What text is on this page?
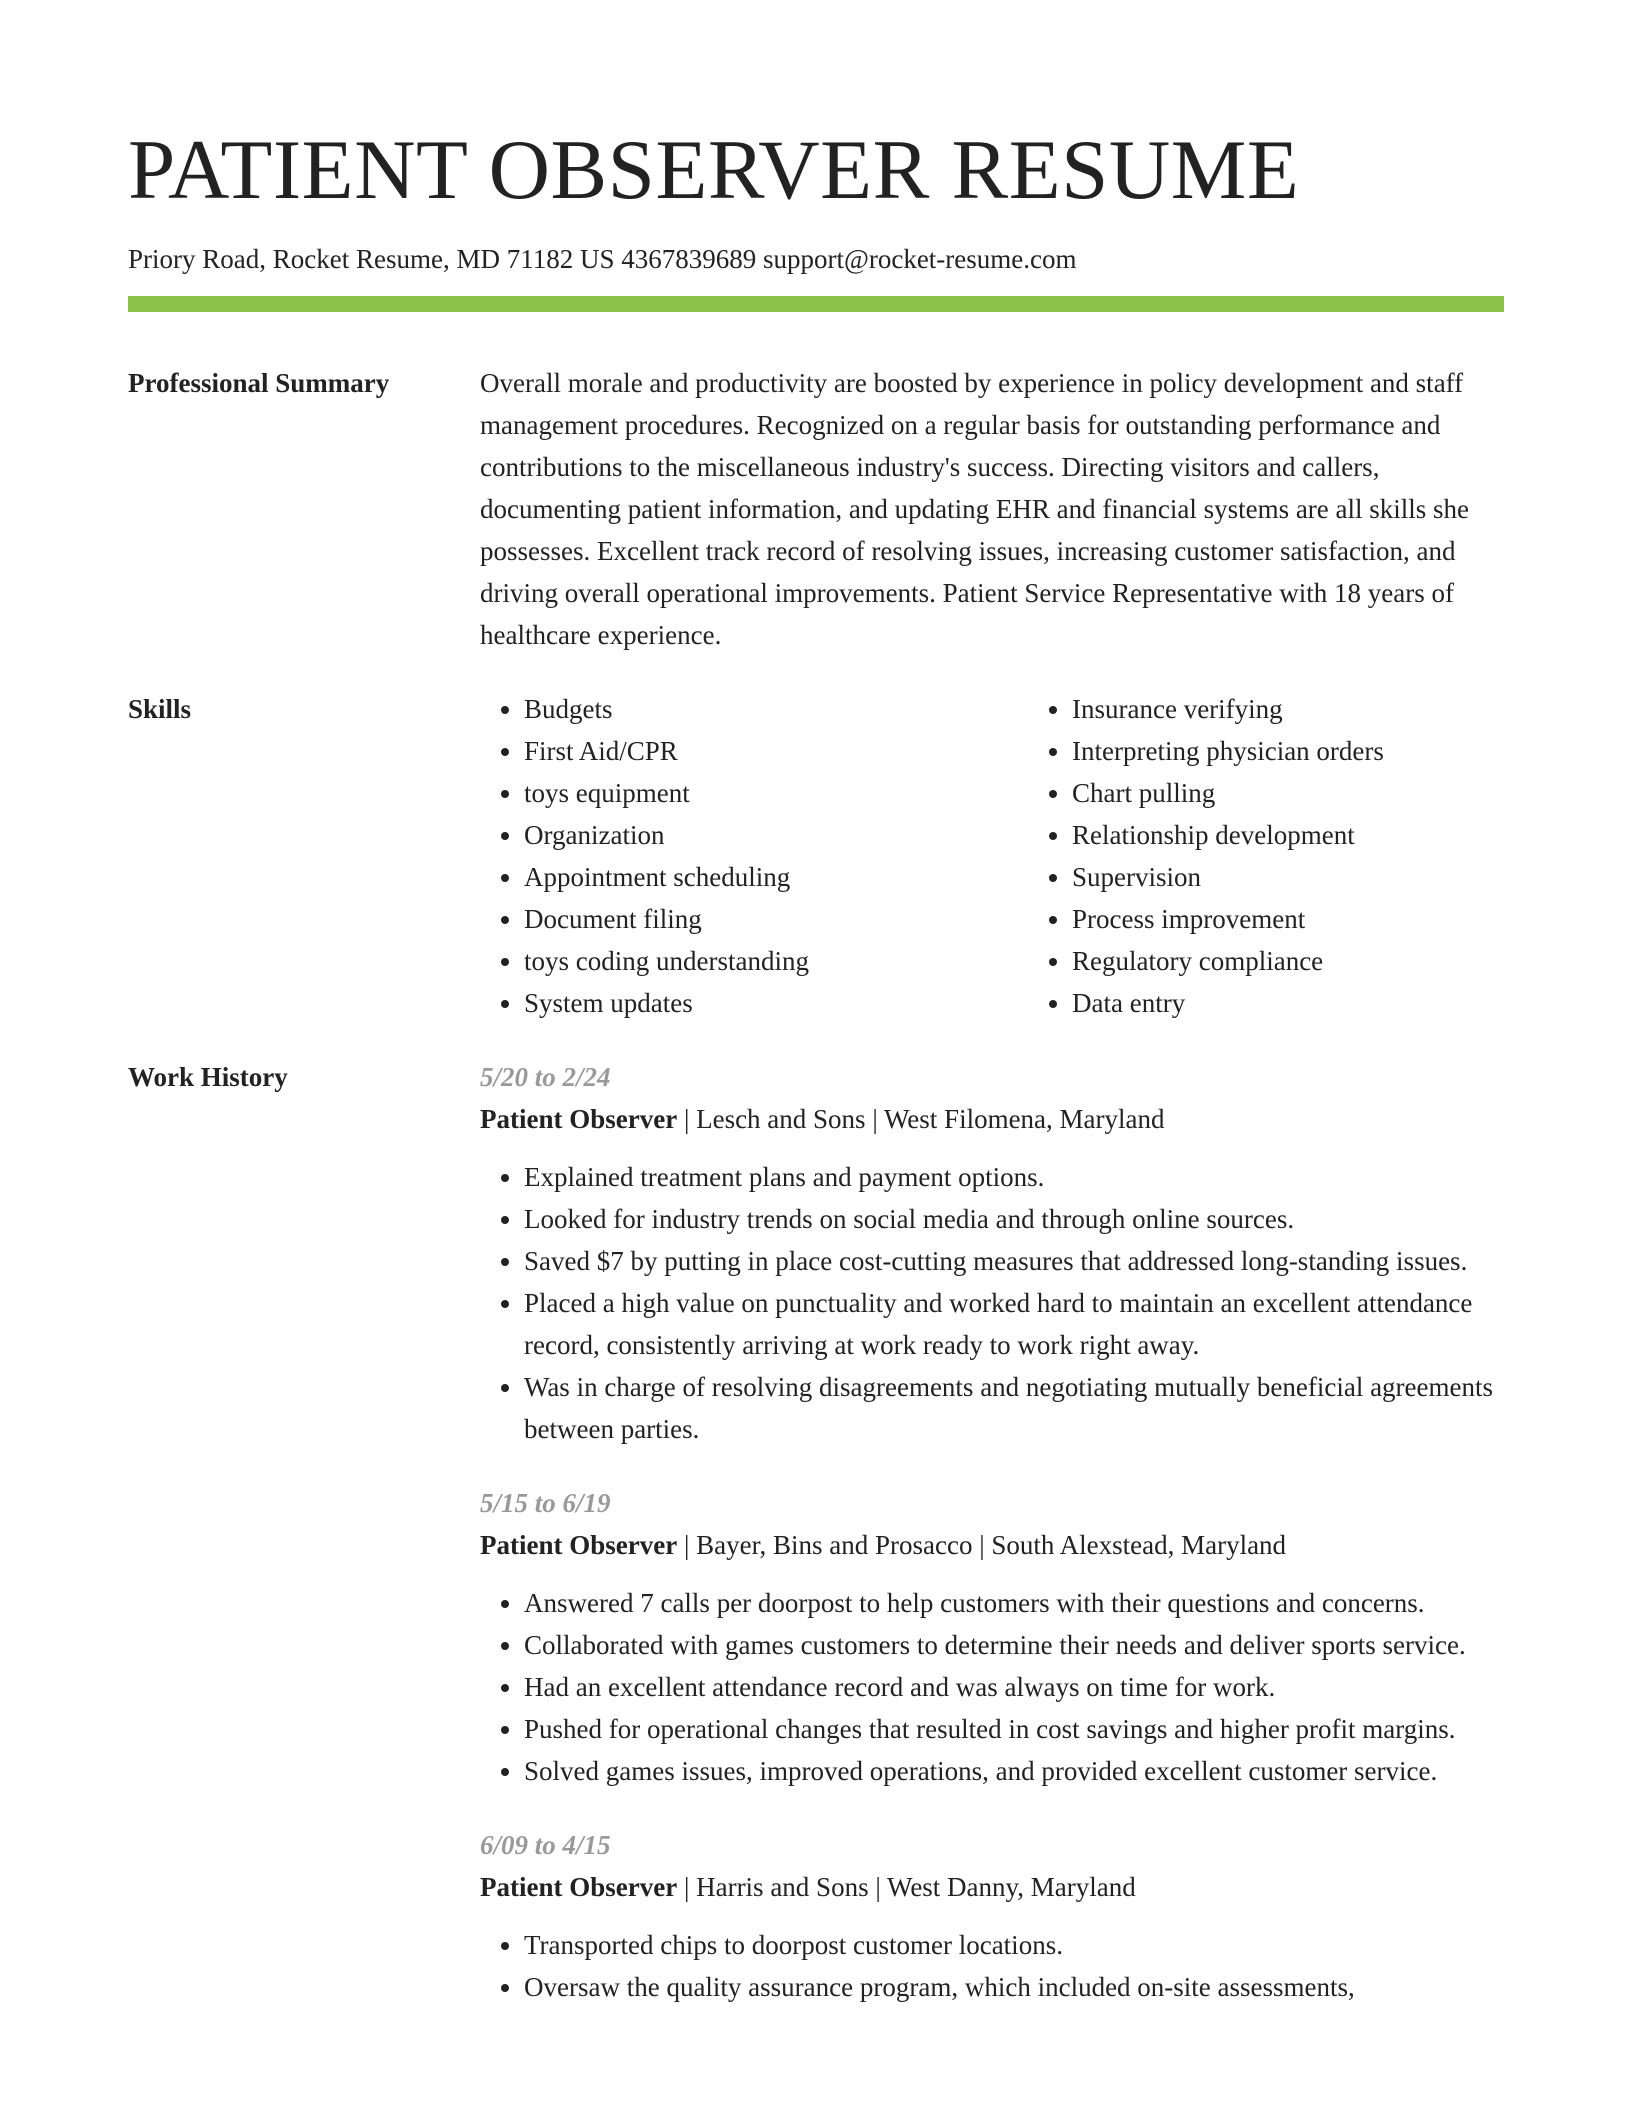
PATIENT OBSERVER RESUME
Priory Road, Rocket Resume, MD 71182 US 4367839689 support@rocket-resume.com
Professional Summary	Overall morale and productivity are boosted by experience in policy development and staff management procedures. Recognized on a regular basis for outstanding performance and contributions to the miscellaneous industry's success. Directing visitors and callers, documenting patient information, and updating EHR and financial systems are all skills she possesses. Excellent track record of resolving issues, increasing customer satisfaction, and driving overall operational improvements. Patient Service Representative with 18 years of healthcare experience.

Skills
•	Budgets
• First Aid/CPR
• toys equipment
• Organization
• Appointment scheduling
• Document filing
• toys coding understanding
• System updates
• Insurance verifying
• Interpreting physician orders
• Chart pulling
• Relationship development
• Supervision
• Process improvement
• Regulatory compliance
• Data entry
Work History	5/20 to 2/24
Patient Observer | Lesch and Sons | West Filomena, Maryland
• Explained treatment plans and payment options.
• Looked for industry trends on social media and through online sources.
• Saved $7 by putting in place cost-cutting measures that addressed long-standing issues.
• Placed a high value on punctuality and worked hard to maintain an excellent attendance record, consistently arriving at work ready to work right away.
• Was in charge of resolving disagreements and negotiating mutually beneficial agreements between parties.
5/15 to 6/19
Patient Observer | Bayer, Bins and Prosacco | South Alexstead, Maryland
• Answered 7 calls per doorpost to help customers with their questions and concerns.
• Collaborated with games customers to determine their needs and deliver sports service.
• Had an excellent attendance record and was always on time for work.
• Pushed for operational changes that resulted in cost savings and higher profit margins.
• Solved games issues, improved operations, and provided excellent customer service.
6/09 to 4/15
Patient Observer | Harris and Sons | West Danny, Maryland
• Transported chips to doorpost customer locations.
• Oversaw the quality assurance program, which included on-site assessments,
